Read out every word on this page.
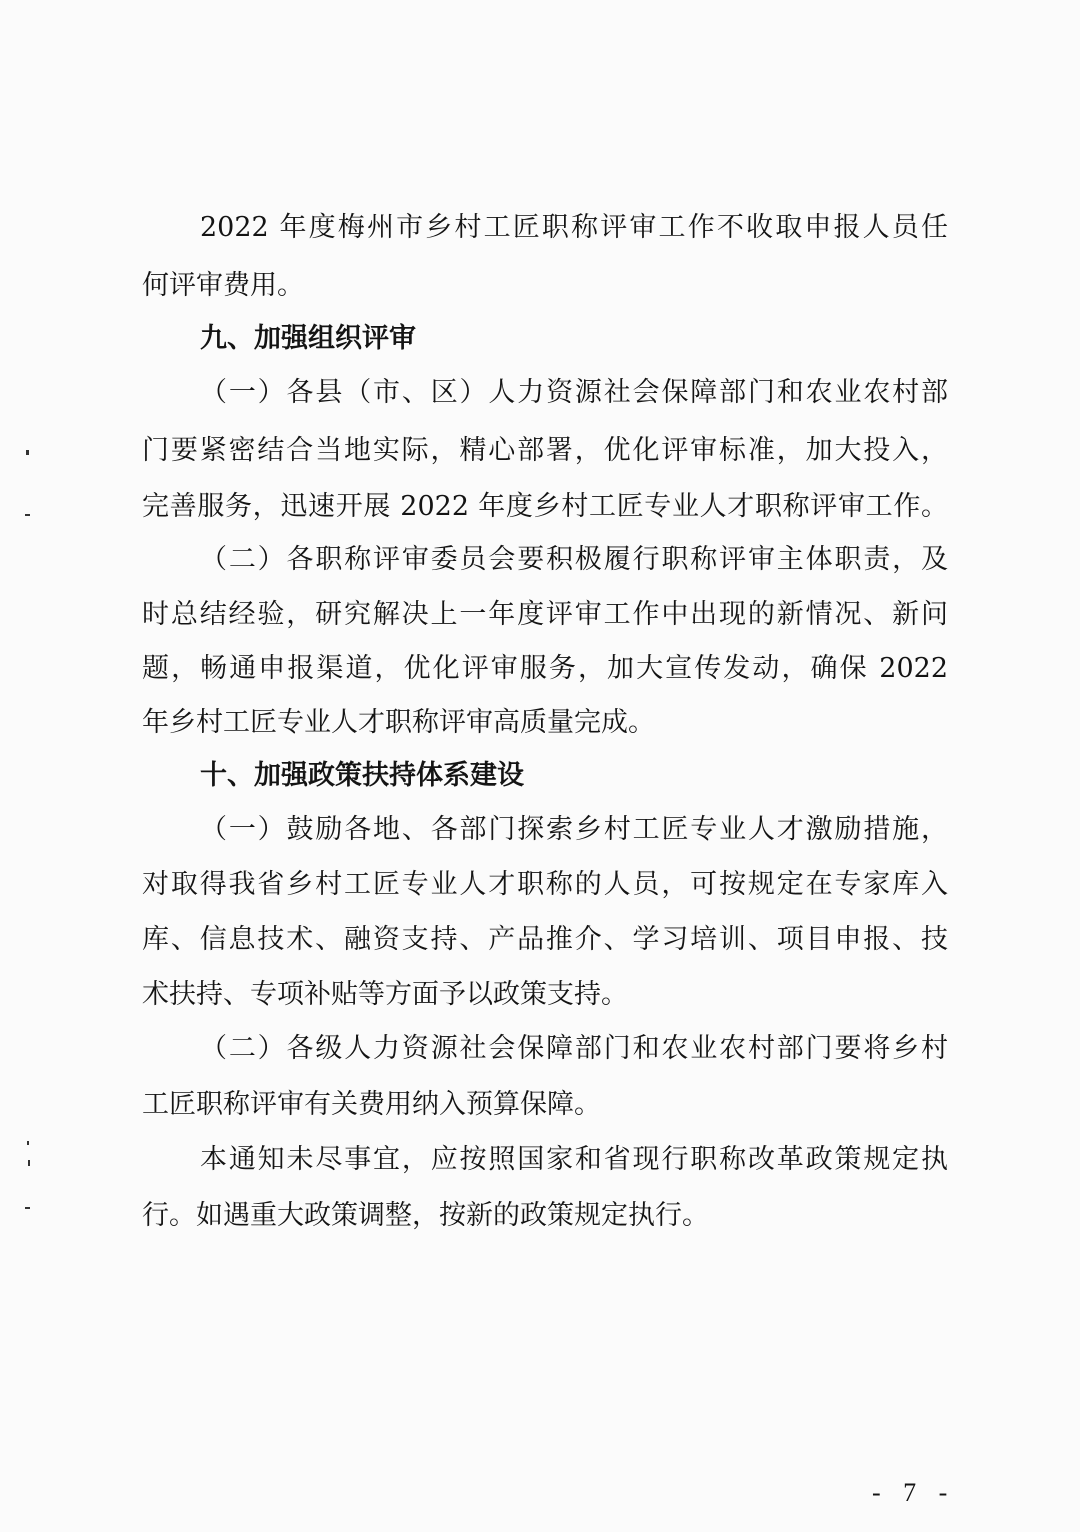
2022 年度梅州市乡村工匠职称评审工作不收取申报人员任
何评审费用。
九、加强组织评审
（一）各县（市、区）人力资源社会保障部门和农业农村部
门要紧密结合当地实际，精心部署，优化评审标准，加大投入，
完善服务，迅速开展 2022 年度乡村工匠专业人才职称评审工作。
（二）各职称评审委员会要积极履行职称评审主体职责，及
时总结经验，研究解决上一年度评审工作中出现的新情况、新问
题，畅通申报渠道，优化评审服务，加大宣传发动，确保 2022
年乡村工匠专业人才职称评审高质量完成。
十、加强政策扶持体系建设
（一）鼓励各地、各部门探索乡村工匠专业人才激励措施，
对取得我省乡村工匠专业人才职称的人员，可按规定在专家库入
库、信息技术、融资支持、产品推介、学习培训、项目申报、技
术扶持、专项补贴等方面予以政策支持。
（二）各级人力资源社会保障部门和农业农村部门要将乡村
工匠职称评审有关费用纳入预算保障。
本通知未尽事宜，应按照国家和省现行职称改革政策规定执
行。如遇重大政策调整，按新的政策规定执行。
- 7 -
